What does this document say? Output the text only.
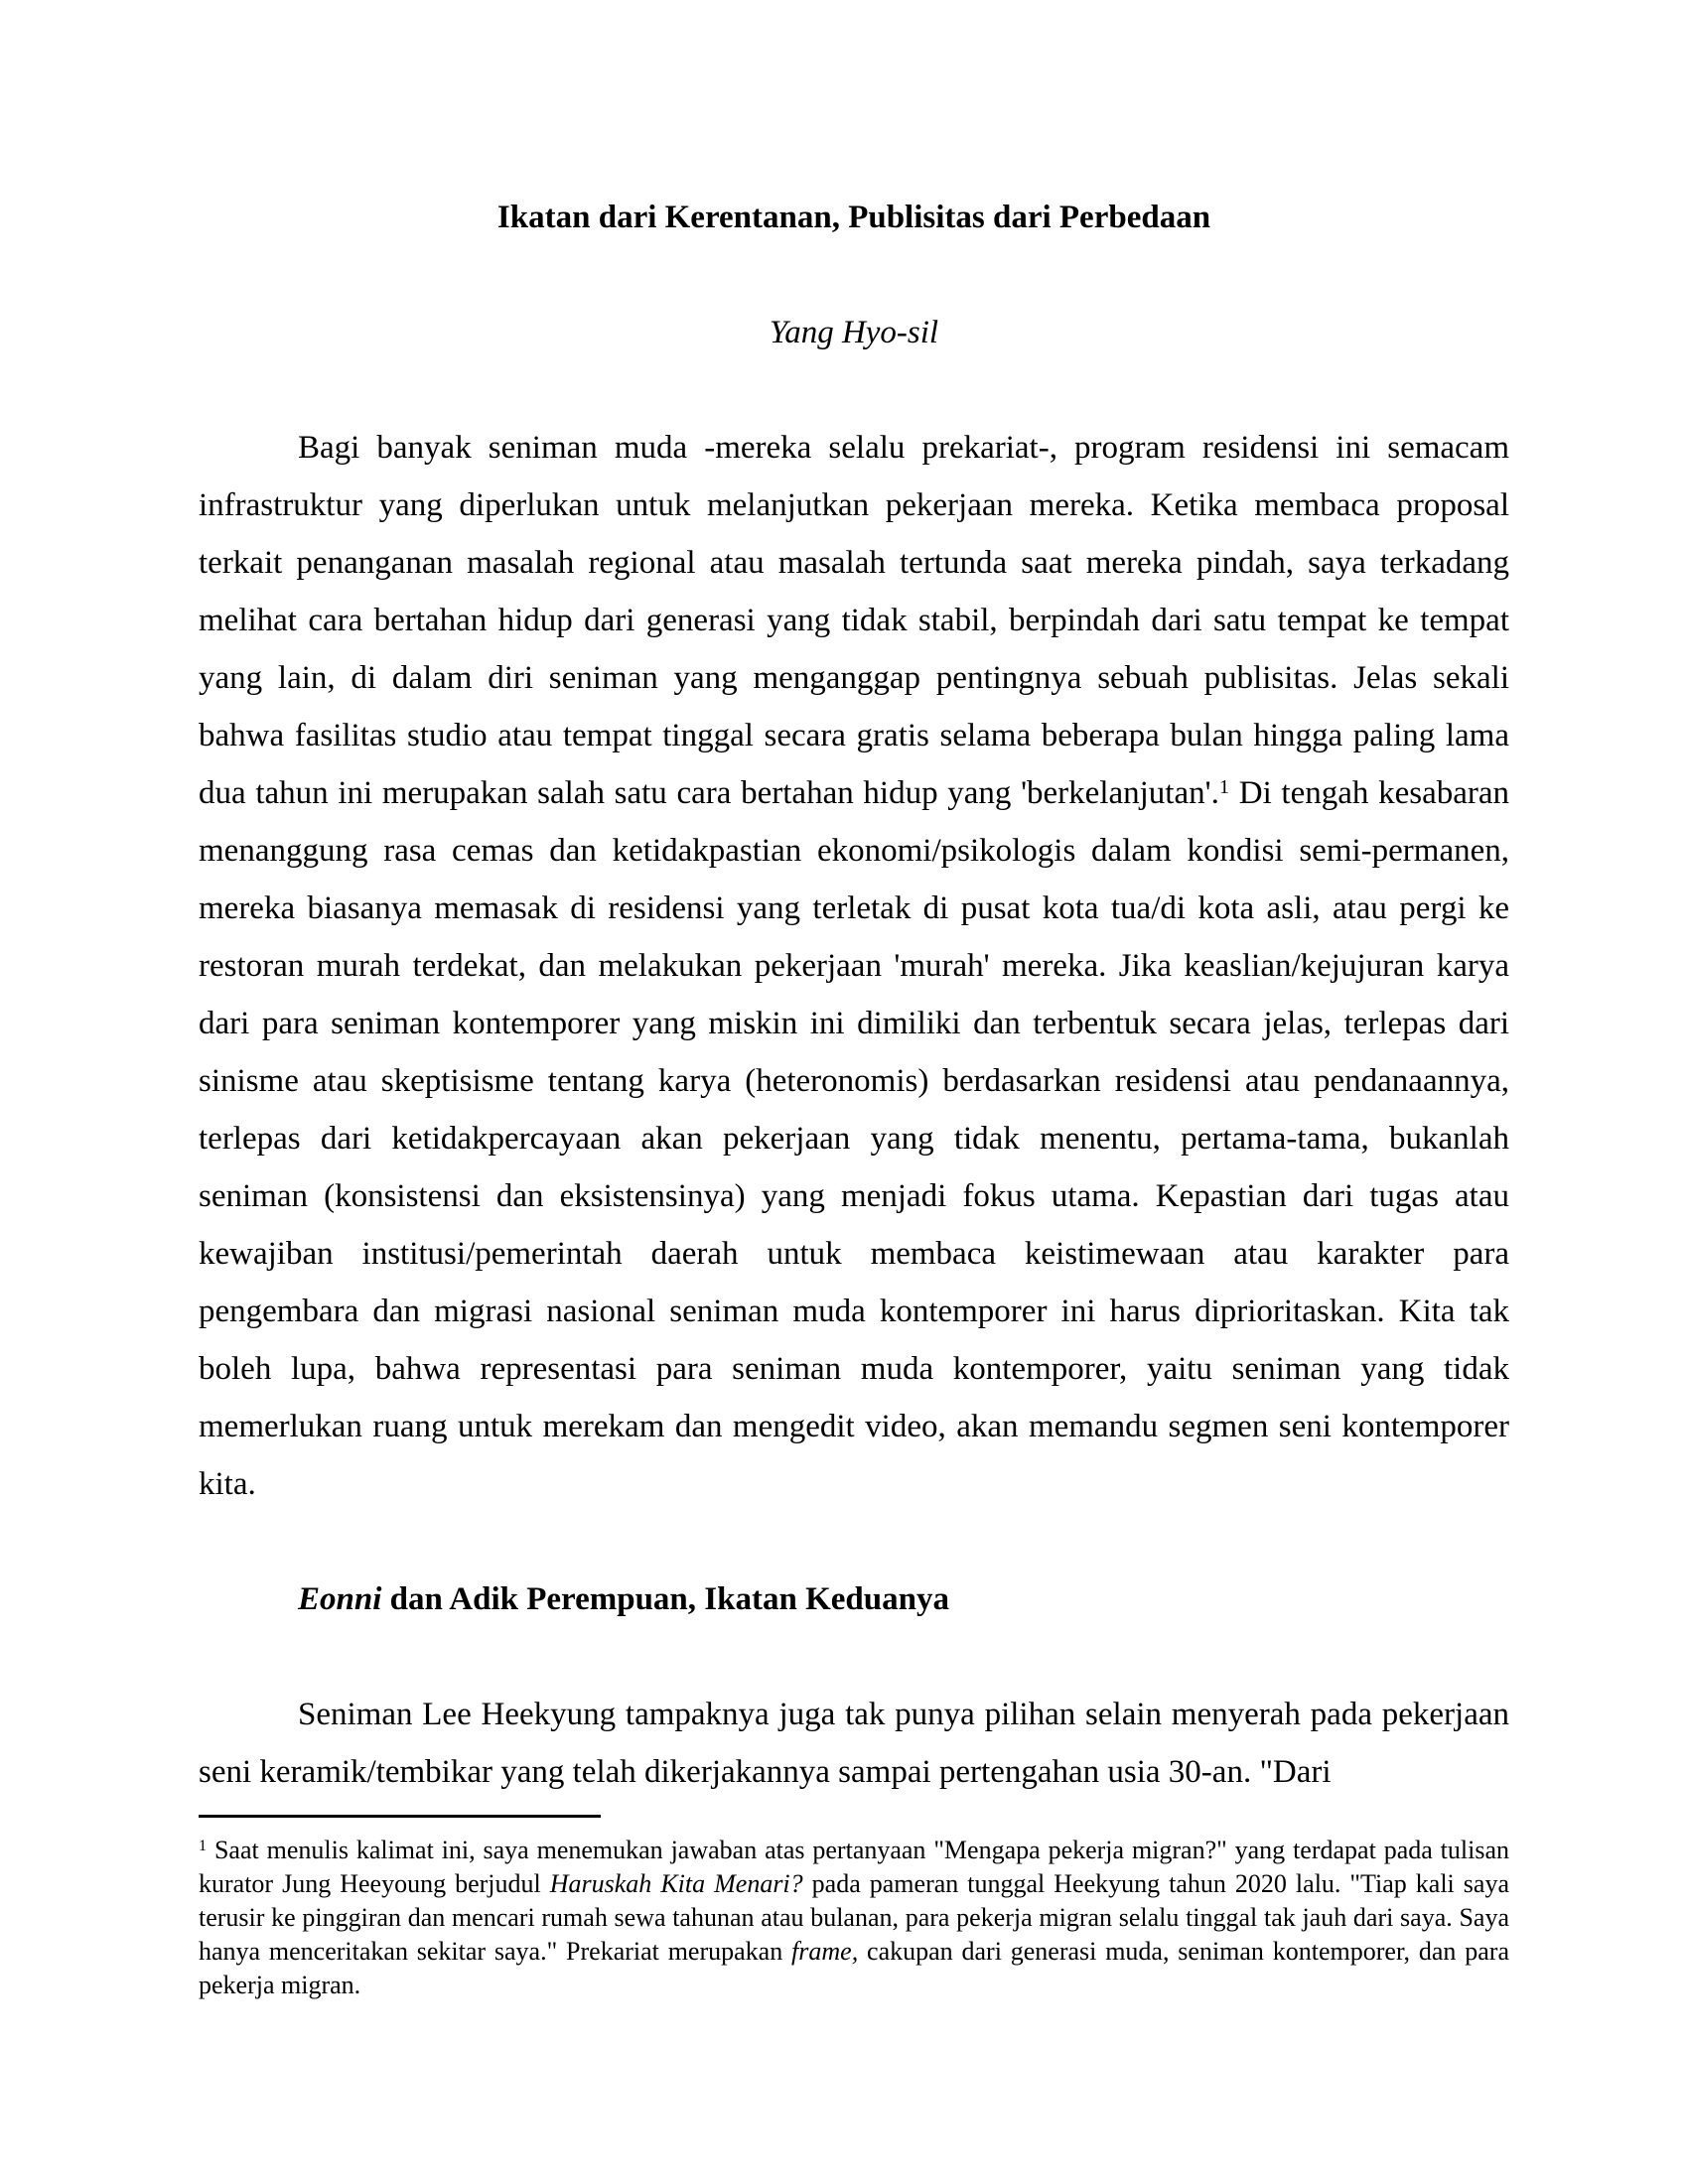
Ikatan dari Kerentanan, Publisitas dari Perbedaan
Yang Hyo-sil

Bagi banyak seniman muda -mereka selalu prekariat-, program residensi ini semacam infrastruktur yang diperlukan untuk melanjutkan pekerjaan mereka. Ketika membaca proposal terkait penanganan masalah regional atau masalah tertunda saat mereka pindah, saya terkadang melihat cara bertahan hidup dari generasi yang tidak stabil, berpindah dari satu tempat ke tempat yang lain, di dalam diri seniman yang menganggap pentingnya sebuah publisitas. Jelas sekali bahwa fasilitas studio atau tempat tinggal secara gratis selama beberapa bulan hingga paling lama dua tahun ini merupakan salah satu cara bertahan hidup yang 'berkelanjutan'.$^1$ Di tengah kesabaran menanggung rasa cemas dan ketidakpastian ekonomi/psikologis dalam kondisi semi-permanen, mereka biasanya memasak di residensi yang terletak di pusat kota tua/di kota asli, atau pergi ke restoran murah terdekat, dan melakukan pekerjaan 'murah' mereka. Jika keaslian/kejujuran karya dari para seniman kontemporer yang miskin ini dimiliki dan terbentuk secara jelas, terlepas dari sinisme atau skeptisisme tentang karya (heteronomis) berdasarkan residensi atau pendanaannya, terlepas dari ketidakpercayaan akan pekerjaan yang tidak menentu, pertama-tama, bukanlah seniman (konsistensi dan eksistensinya) yang menjadi fokus utama. Kepastian dari tugas atau kewajiban institusi/pemerintah daerah untuk membaca keistimewaan atau karakter para pengembara dan migrasi nasional seniman muda kontemporer ini harus diprioritaskan. Kita tak boleh lupa, bahwa representasi para seniman muda kontemporer, yaitu seniman yang tidak memerlukan ruang untuk merekam dan mengedit video, akan memandu segmen seni kontemporer kita.

Eonni dan Adik Perempuan, Ikatan Keduanya

Seniman Lee Heekyung tampaknya juga tak punya pilihan selain menyerah pada pekerjaan seni keramik/tembikar yang telah dikerjakannya sampai pertengahan usia 30-an. "Dari

$^1$ Saat menulis kalimat ini, saya menemukan jawaban atas pertanyaan "Mengapa pekerja migran?" yang terdapat pada tulisan kurator Jung Heeyoung berjudul Haruskah Kita Menari? pada pameran tunggal Heekyung tahun 2020 lalu. "Tiap kali saya terusir ke pinggiran dan mencari rumah sewa tahunan atau bulanan, para pekerja migran selalu tinggal tak jauh dari saya. Saya hanya menceritakan sekitar saya." Prekariat merupakan frame, cakupan dari generasi muda, seniman kontemporer, dan para pekerja migran.
